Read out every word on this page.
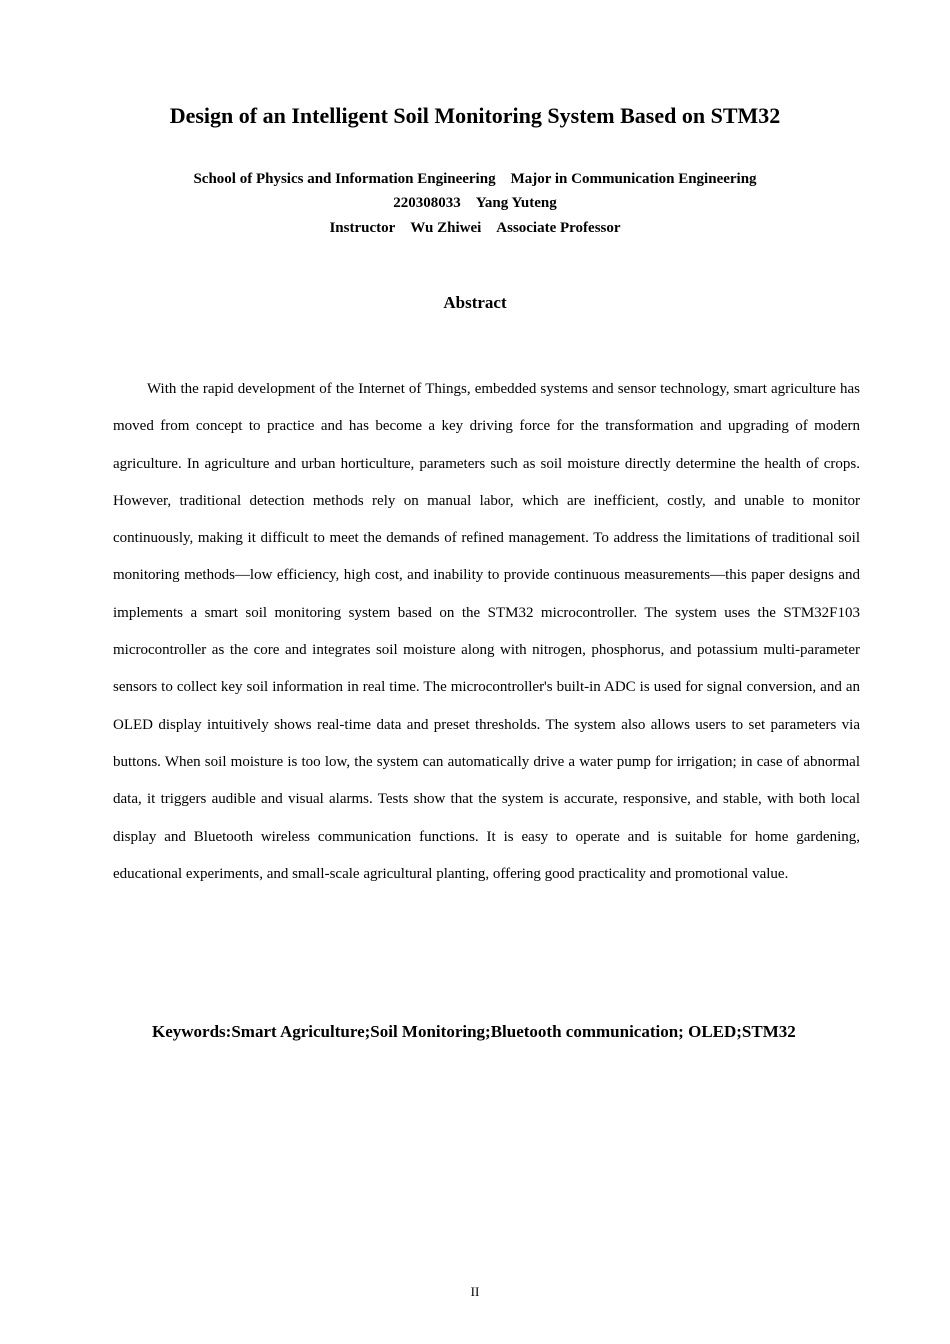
Design of an Intelligent Soil Monitoring System Based on STM32
School of Physics and Information Engineering Major in Communication Engineering
220308033 Yang Yuteng
Instructor Wu Zhiwei Associate Professor
Abstract

With the rapid development of the Internet of Things, embedded systems and sensor technology, smart agriculture has moved from concept to practice and has become a key driving force for the transformation and upgrading of modern agriculture. In agriculture and urban horticulture, parameters such as soil moisture directly determine the health of crops. However, traditional detection methods rely on manual labor, which are inefficient, costly, and unable to monitor continuously, making it difficult to meet the demands of refined management. To address the limitations of traditional soil monitoring methods—low efficiency, high cost, and inability to provide continuous measurements—this paper designs and implements a smart soil monitoring system based on the STM32 microcontroller. The system uses the STM32F103 microcontroller as the core and integrates soil moisture along with nitrogen, phosphorus, and potassium multi-parameter sensors to collect key soil information in real time. The microcontroller's built-in ADC is used for signal conversion, and an OLED display intuitively shows real-time data and preset thresholds. The system also allows users to set parameters via buttons. When soil moisture is too low, the system can automatically drive a water pump for irrigation; in case of abnormal data, it triggers audible and visual alarms. Tests show that the system is accurate, responsive, and stable, with both local display and Bluetooth wireless communication functions. It is easy to operate and is suitable for home gardening, educational experiments, and small-scale agricultural planting, offering good practicality and promotional value.

Keywords:Smart Agriculture;Soil Monitoring;Bluetooth communication; OLED;STM32

II
